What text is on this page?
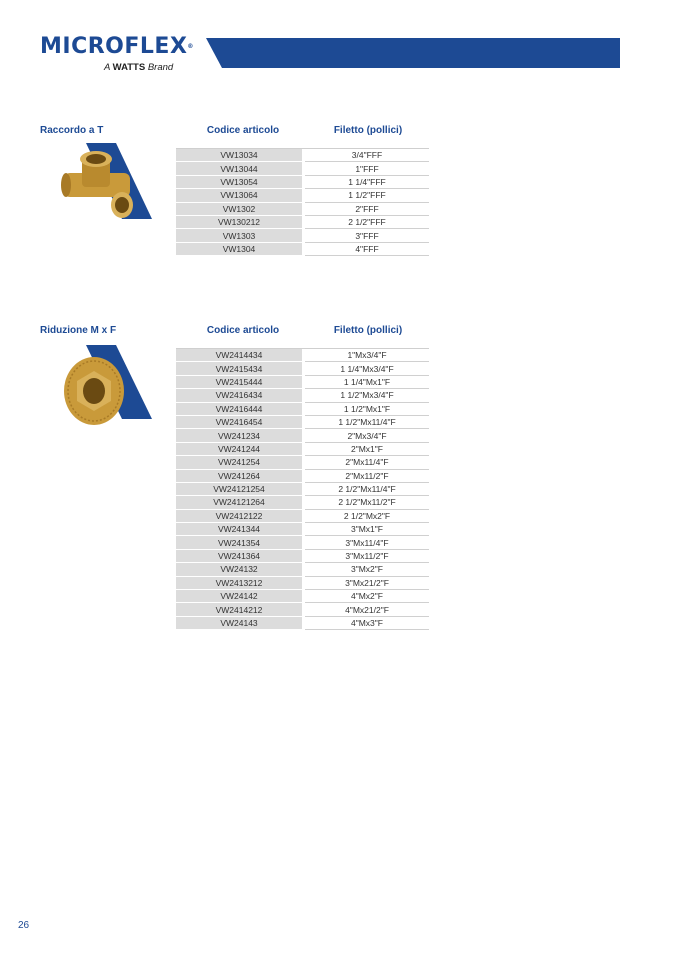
MICROFLEX®
A WATTS Brand
Raccordo a T	Codice articolo	Filetto (pollici)
VW13034		3/4"FFF
VW13044		1"FFF
VW13054		1 1/4"FFF
VW13064		1 1/2"FFF
VW1302		2"FFF
VW130212		2 1/2"FFF
VW1303		3"FFF
VW1304		4"FFF
Riduzione M x F	Codice articolo	Filetto (pollici)
VW2414434		1"Mx3/4"F
VW2415434		1 1/4"Mx3/4"F
VW2415444		1 1/4"Mx1"F
VW2416434		1 1/2"Mx3/4"F
VW2416444		1 1/2"Mx1"F
VW2416454		1 1/2"Mx11/4"F
VW241234		2"Mx3/4"F
VW241244		2"Mx1"F
VW241254		2"Mx11/4"F
VW241264		2"Mx11/2"F
VW24121254		2 1/2"Mx11/4"F
VW24121264		2 1/2"Mx11/2"F
VW2412122		2 1/2"Mx2"F
VW241344		3"Mx1"F
VW241354		3"Mx11/4"F
VW241364		3"Mx11/2"F
VW24132		3"Mx2"F
VW2413212		3"Mx21/2"F
VW24142		4"Mx2"F
VW2414212		4"Mx21/2"F
VW24143		4"Mx3"F
26
